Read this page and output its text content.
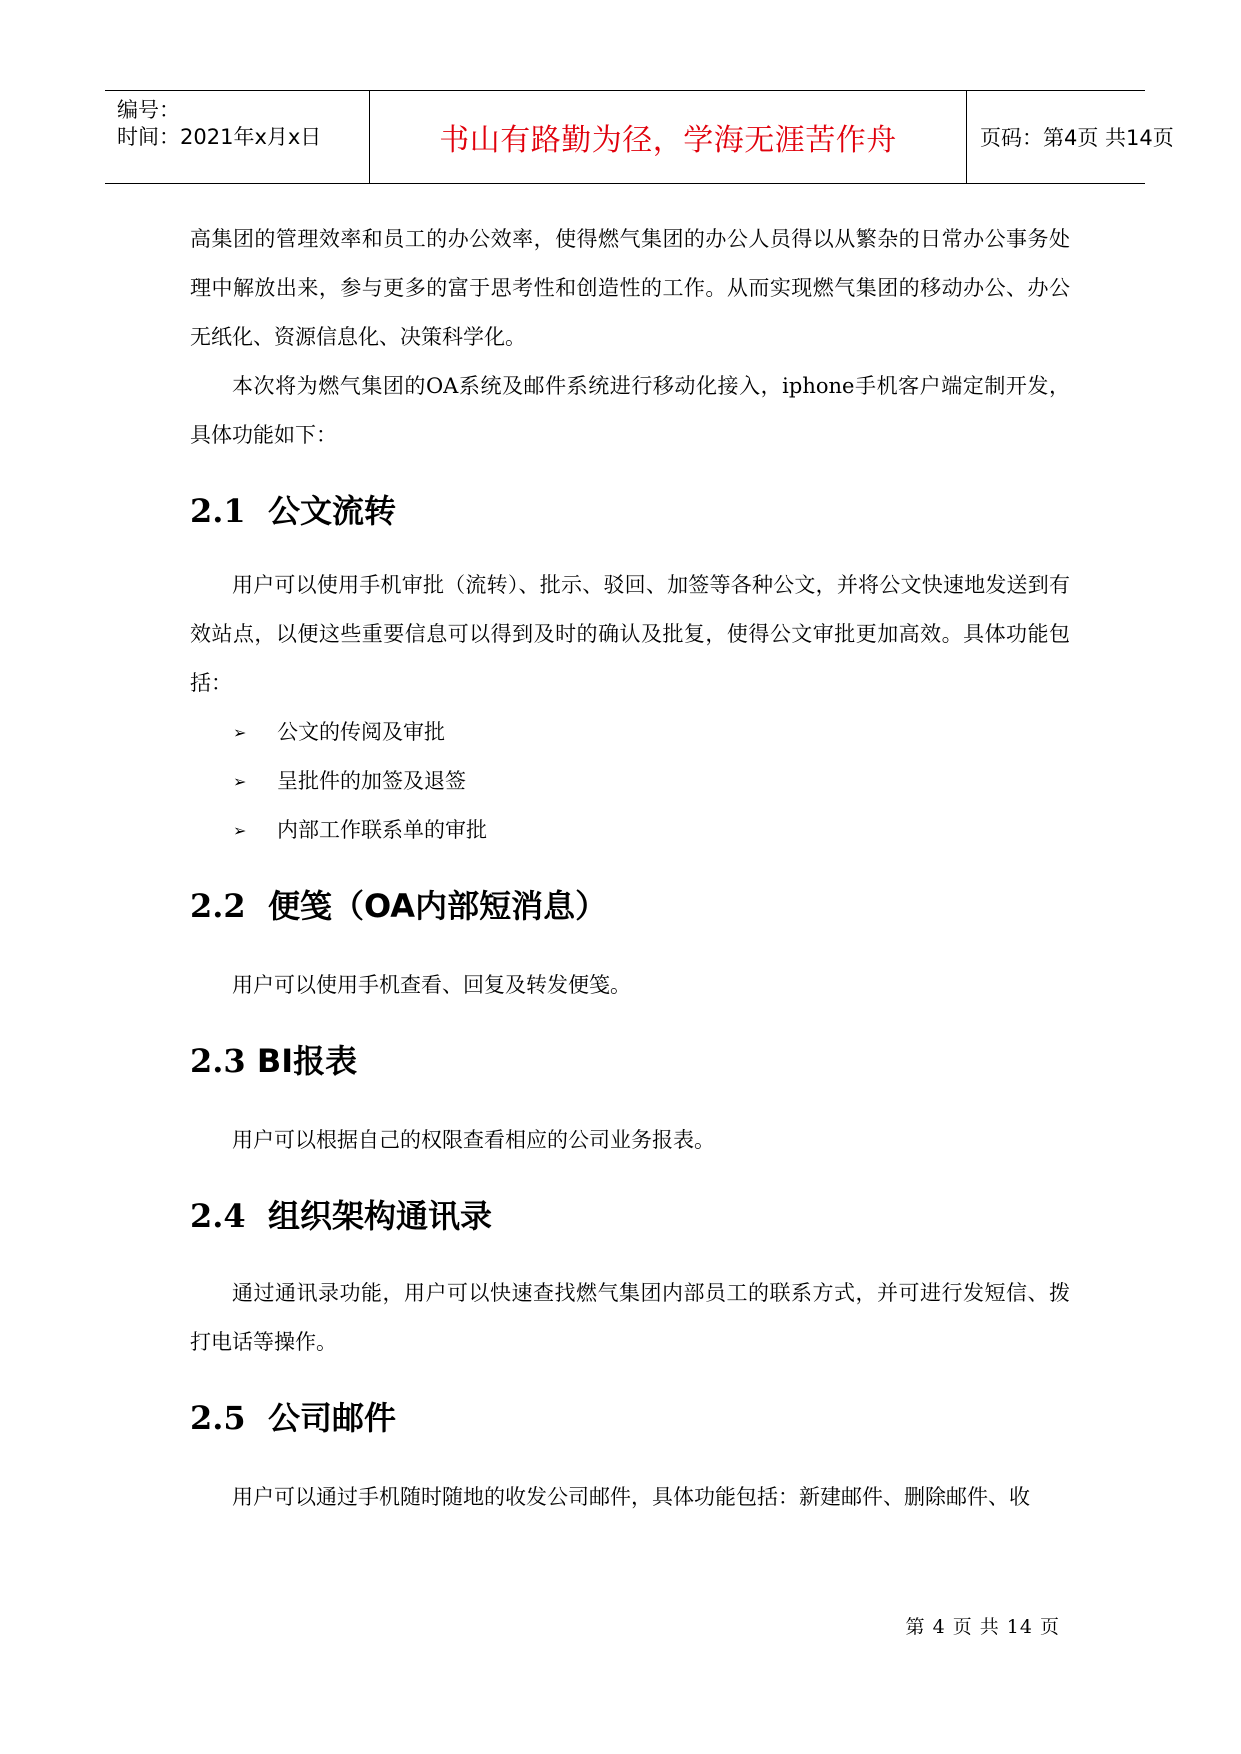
编号：
时间：2021年x月x日	书山有路勤为径，学海无涯苦作舟	页码：第4页 共14页

高集团的管理效率和员工的办公效率，使得燃气集团的办公人员得以从繁杂的日常办公事务处理中解放出来，参与更多的富于思考性和创造性的工作。从而实现燃气集团的移动办公、办公无纸化、资源信息化、决策科学化。

本次将为燃气集团的OA系统及邮件系统进行移动化接入，iphone手机客户端定制开发，具体功能如下：

2.1 公文流转

用户可以使用手机审批（流转）、批示、驳回、加签等各种公文，并将公文快速地发送到有效站点，以便这些重要信息可以得到及时的确认及批复，使得公文审批更加高效。具体功能包括：

➢ 公文的传阅及审批
➢ 呈批件的加签及退签
➢ 内部工作联系单的审批
2.2 便笺（OA内部短消息）

用户可以使用手机查看、回复及转发便笺。

2.3 BI报表

用户可以根据自己的权限查看相应的公司业务报表。

2.4 组织架构通讯录

通过通讯录功能，用户可以快速查找燃气集团内部员工的联系方式，并可进行发短信、拨打电话等操作。

2.5 公司邮件

用户可以通过手机随时随地的收发公司邮件，具体功能包括：新建邮件、删除邮件、收

第 4 页 共 14 页
